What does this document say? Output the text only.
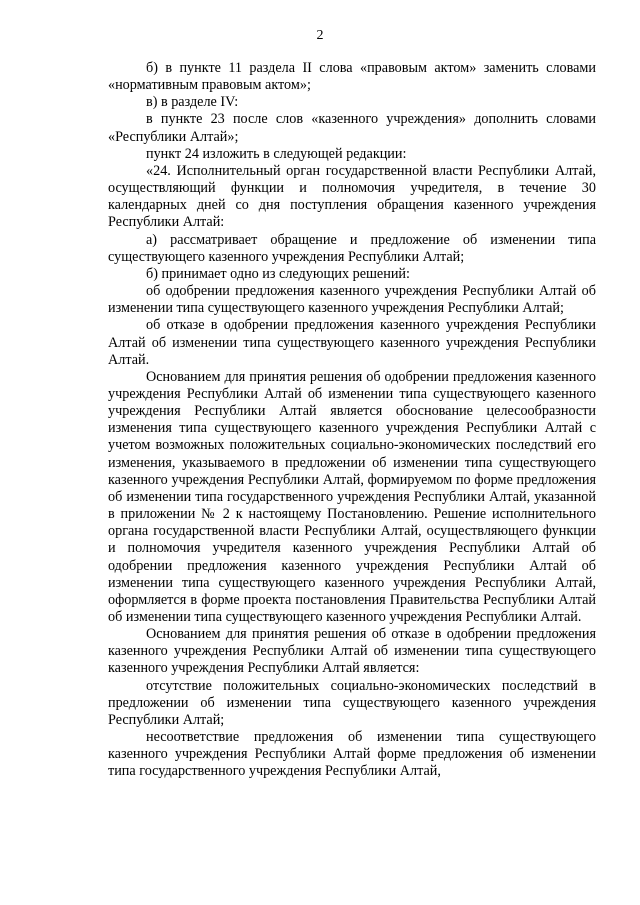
2

б) в пункте 11 раздела II слова «правовым актом» заменить словами «нормативным правовым актом»;

в) в разделе IV:

в пункте 23 после слов «казенного учреждения» дополнить словами «Республики Алтай»;

пункт 24 изложить в следующей редакции:

«24. Исполнительный орган государственной власти Республики Алтай, осуществляющий функции и полномочия учредителя, в течение 30 календарных дней со дня поступления обращения казенного учреждения Республики Алтай:

а) рассматривает обращение и предложение об изменении типа существующего казенного учреждения Республики Алтай;

б) принимает одно из следующих решений:

об одобрении предложения казенного учреждения Республики Алтай об изменении типа существующего казенного учреждения Республики Алтай;

об отказе в одобрении предложения казенного учреждения Республики Алтай об изменении типа существующего казенного учреждения Республики Алтай.

Основанием для принятия решения об одобрении предложения казенного учреждения Республики Алтай об изменении типа существующего казенного учреждения Республики Алтай является обоснование целесообразности изменения типа существующего казенного учреждения Республики Алтай с учетом возможных положительных социально-экономических последствий его изменения, указываемого в предложении об изменении типа существующего казенного учреждения Республики Алтай, формируемом по форме предложения об изменении типа государственного учреждения Республики Алтай, указанной в приложении № 2 к настоящему Постановлению. Решение исполнительного органа государственной власти Республики Алтай, осуществляющего функции и полномочия учредителя казенного учреждения Республики Алтай об одобрении предложения казенного учреждения Республики Алтай об изменении типа существующего казенного учреждения Республики Алтай, оформляется в форме проекта постановления Правительства Республики Алтай об изменении типа существующего казенного учреждения Республики Алтай.

Основанием для принятия решения об отказе в одобрении предложения казенного учреждения Республики Алтай об изменении типа существующего казенного учреждения Республики Алтай является:

отсутствие положительных социально-экономических последствий в предложении об изменении типа существующего казенного учреждения Республики Алтай;

несоответствие предложения об изменении типа существующего казенного учреждения Республики Алтай форме предложения об изменении типа государственного учреждения Республики Алтай,
